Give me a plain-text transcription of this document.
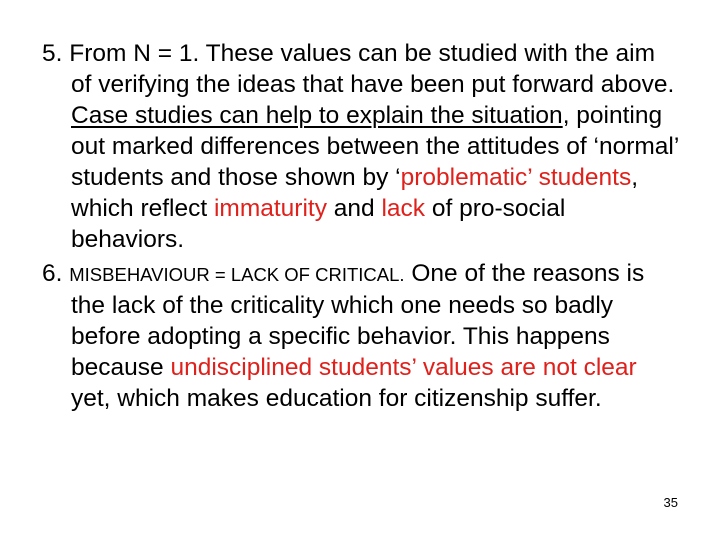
5. From N = 1. These values can be studied with the aim of verifying the ideas that have been put forward above. Case studies can help to explain the situation, pointing out marked differences between the attitudes of ‘normal’ students and those shown by ‘problematic’ students, which reflect immaturity and lack of pro-social behaviors.
6. MISBEHAVIOUR = LACK OF CRITICAL. One of the reasons is the lack of the criticality which one needs so badly before adopting a specific behavior. This happens because undisciplined students’ values are not clear yet, which makes education for citizenship suffer.
35
